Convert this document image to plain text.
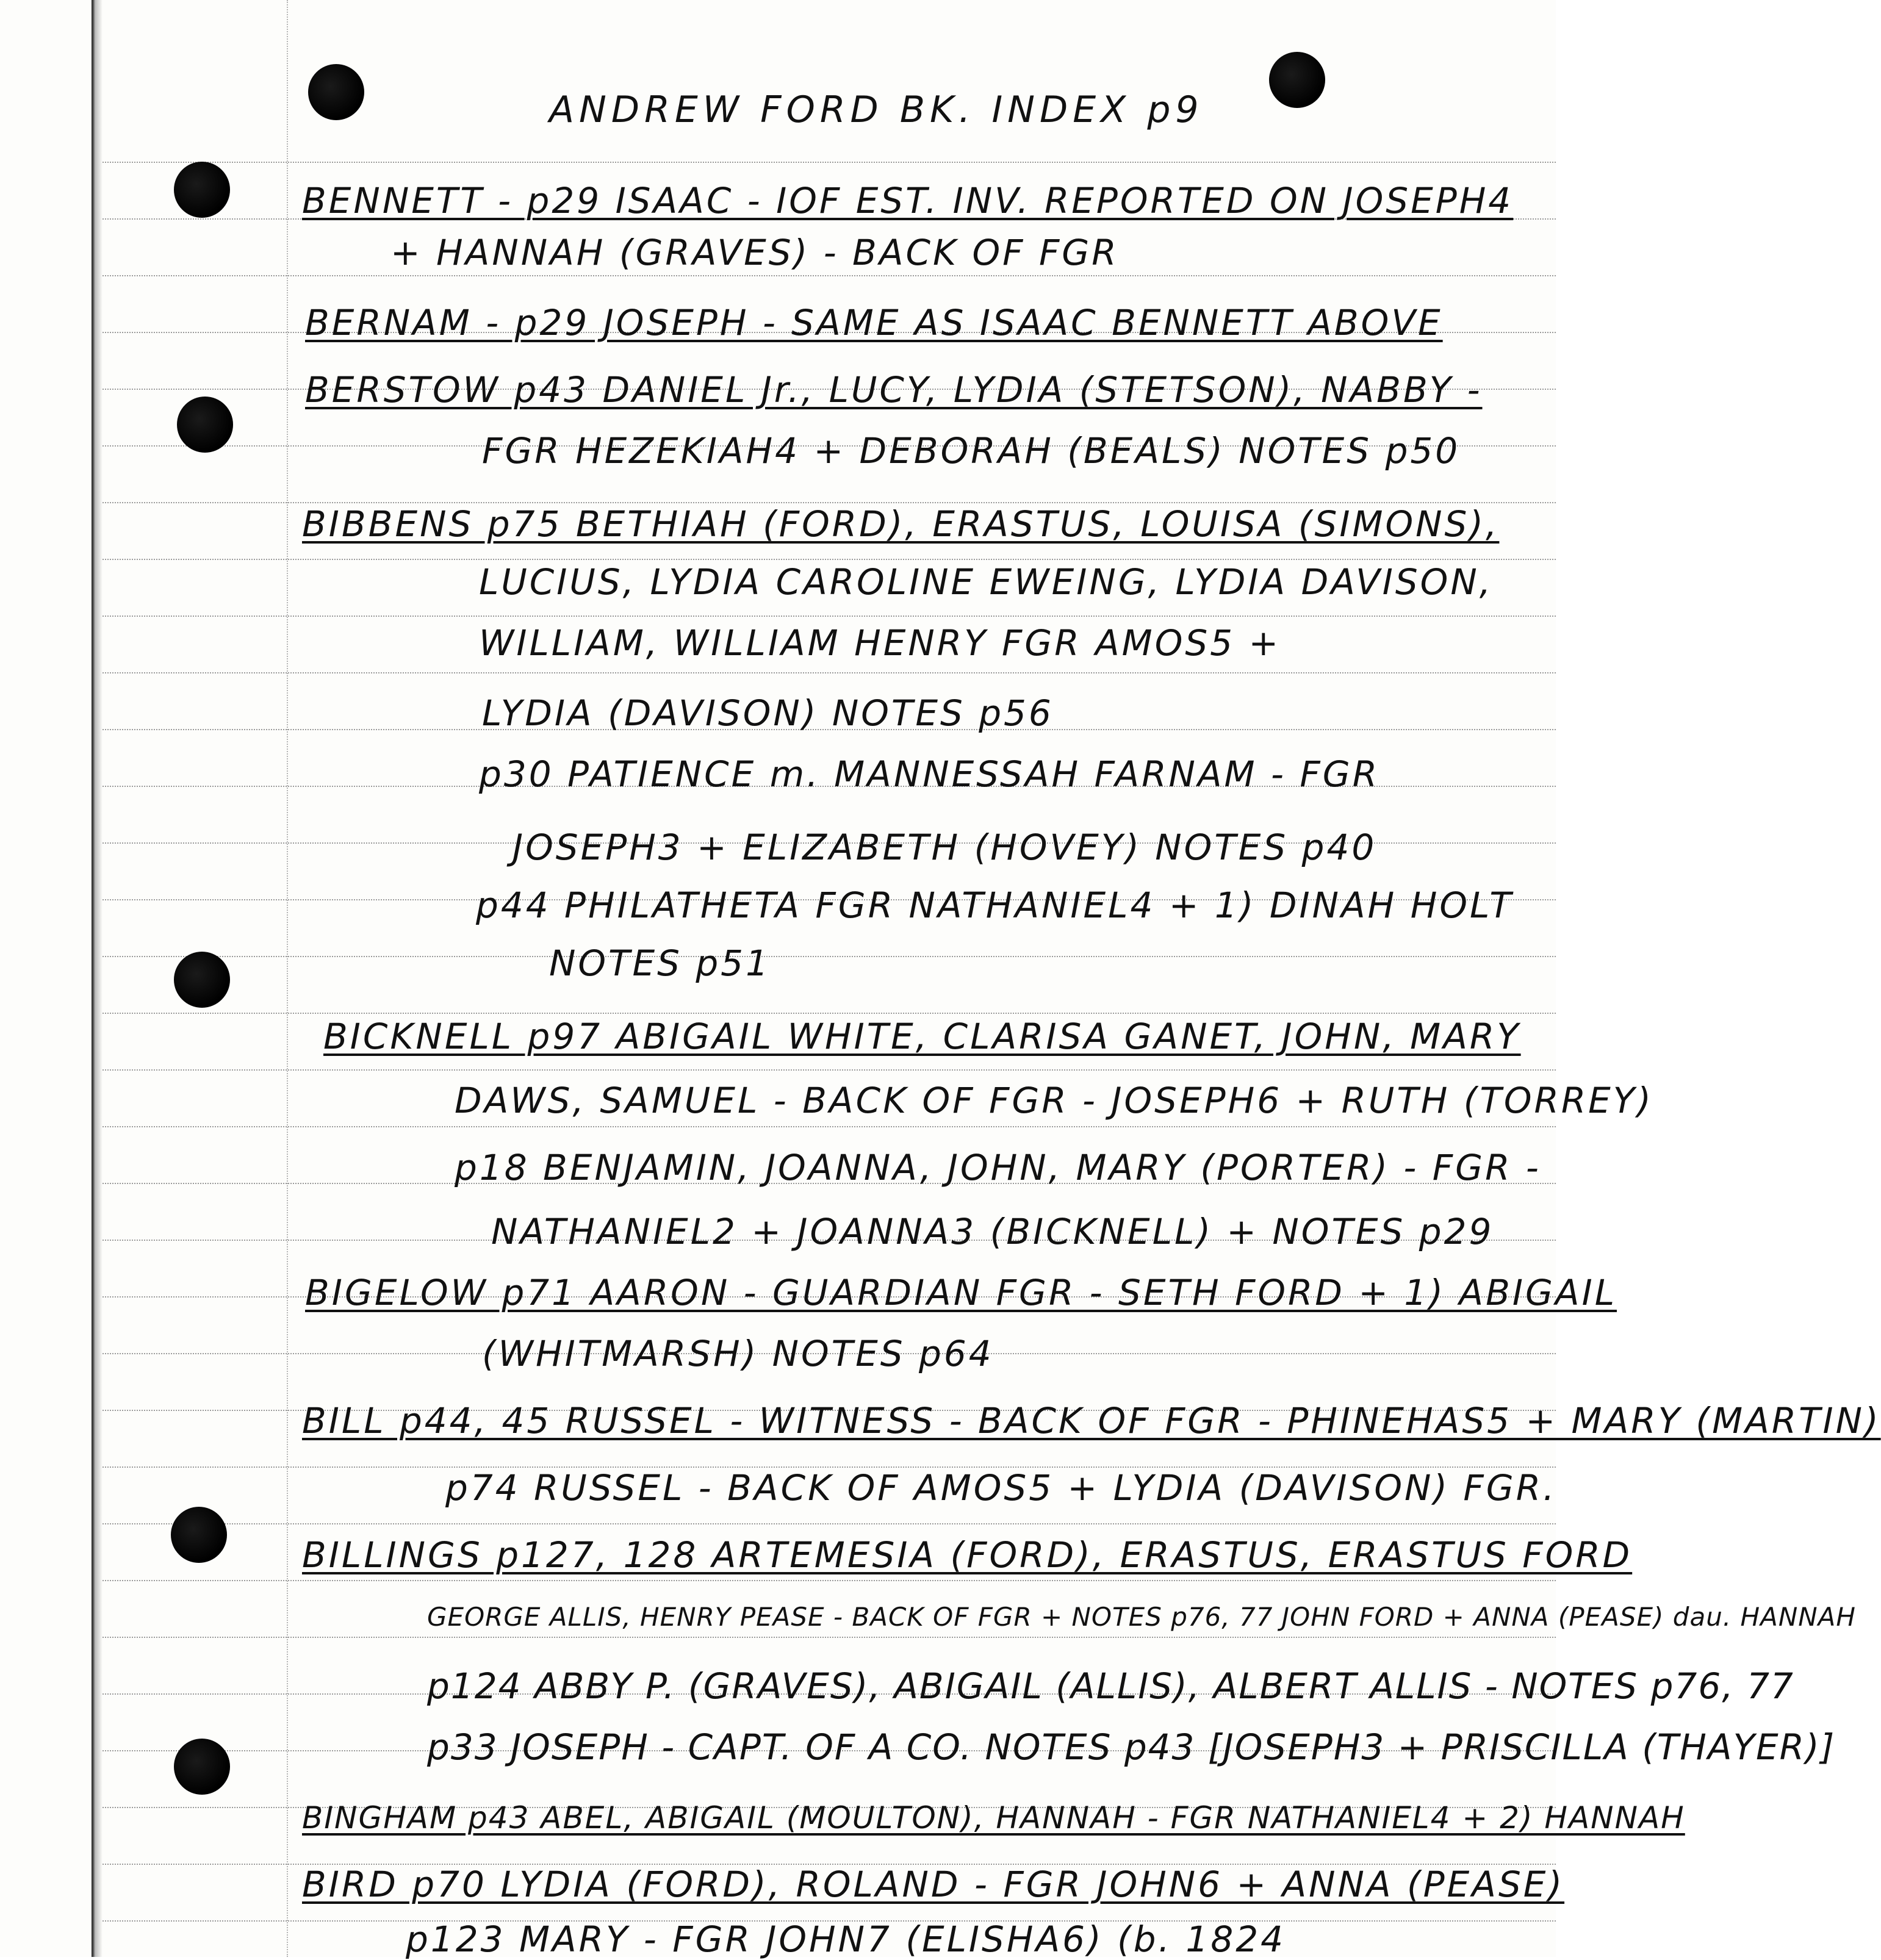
ANDREW FORD BK. INDEX p9
BENNETT - p29 ISAAC - IOF EST. INV. REPORTED ON JOSEPH4
+ HANNAH (GRAVES) - BACK OF FGR
BERNAM - p29 JOSEPH - SAME AS ISAAC BENNETT ABOVE
BERSTOW p43 DANIEL Jr., LUCY, LYDIA (STETSON), NABBY -
FGR HEZEKIAH4 + DEBORAH (BEALS) NOTES p50
BIBBENS p75 BETHIAH (FORD), ERASTUS, LOUISA (SIMONS),
LUCIUS, LYDIA CAROLINE EWEING, LYDIA DAVISON,
WILLIAM, WILLIAM HENRY FGR AMOS5 +
LYDIA (DAVISON) NOTES p56
p30 PATIENCE m. MANNESSAH FARNAM - FGR
JOSEPH3 + ELIZABETH (HOVEY) NOTES p40
p44 PHILATHETA FGR NATHANIEL4 + 1) DINAH HOLT
NOTES p51
BICKNELL p97 ABIGAIL WHITE, CLARISA GANET, JOHN, MARY
DAWS, SAMUEL - BACK OF FGR - JOSEPH6 + RUTH (TORREY)
p18 BENJAMIN, JOANNA, JOHN, MARY (PORTER) - FGR -
NATHANIEL2 + JOANNA3 (BICKNELL) + NOTES p29
BIGELOW p71 AARON - GUARDIAN FGR - SETH FORD + 1) ABIGAIL
(WHITMARSH) NOTES p64
BILL p44, 45 RUSSEL - WITNESS - BACK OF FGR - PHINEHAS5 + MARY (MARTIN)
p74 RUSSEL - BACK OF AMOS5 + LYDIA (DAVISON) FGR.
BILLINGS p127, 128 ARTEMESIA (FORD), ERASTUS, ERASTUS FORD
GEORGE ALLIS, HENRY PEASE - BACK OF FGR + NOTES p76, 77 JOHN FORD + ANNA (PEASE) dau. HANNAH
p124 ABBY P. (GRAVES), ABIGAIL (ALLIS), ALBERT ALLIS - NOTES p76, 77
p33 JOSEPH - CAPT. OF A CO. NOTES p43 [JOSEPH3 + PRISCILLA (THAYER)]
BINGHAM p43 ABEL, ABIGAIL (MOULTON), HANNAH - FGR NATHANIEL4 + 2) HANNAH
BIRD p70 LYDIA (FORD), ROLAND - FGR JOHN6 + ANNA (PEASE)
p123 MARY - FGR JOHN7 (ELISHA6) (b. 1824
